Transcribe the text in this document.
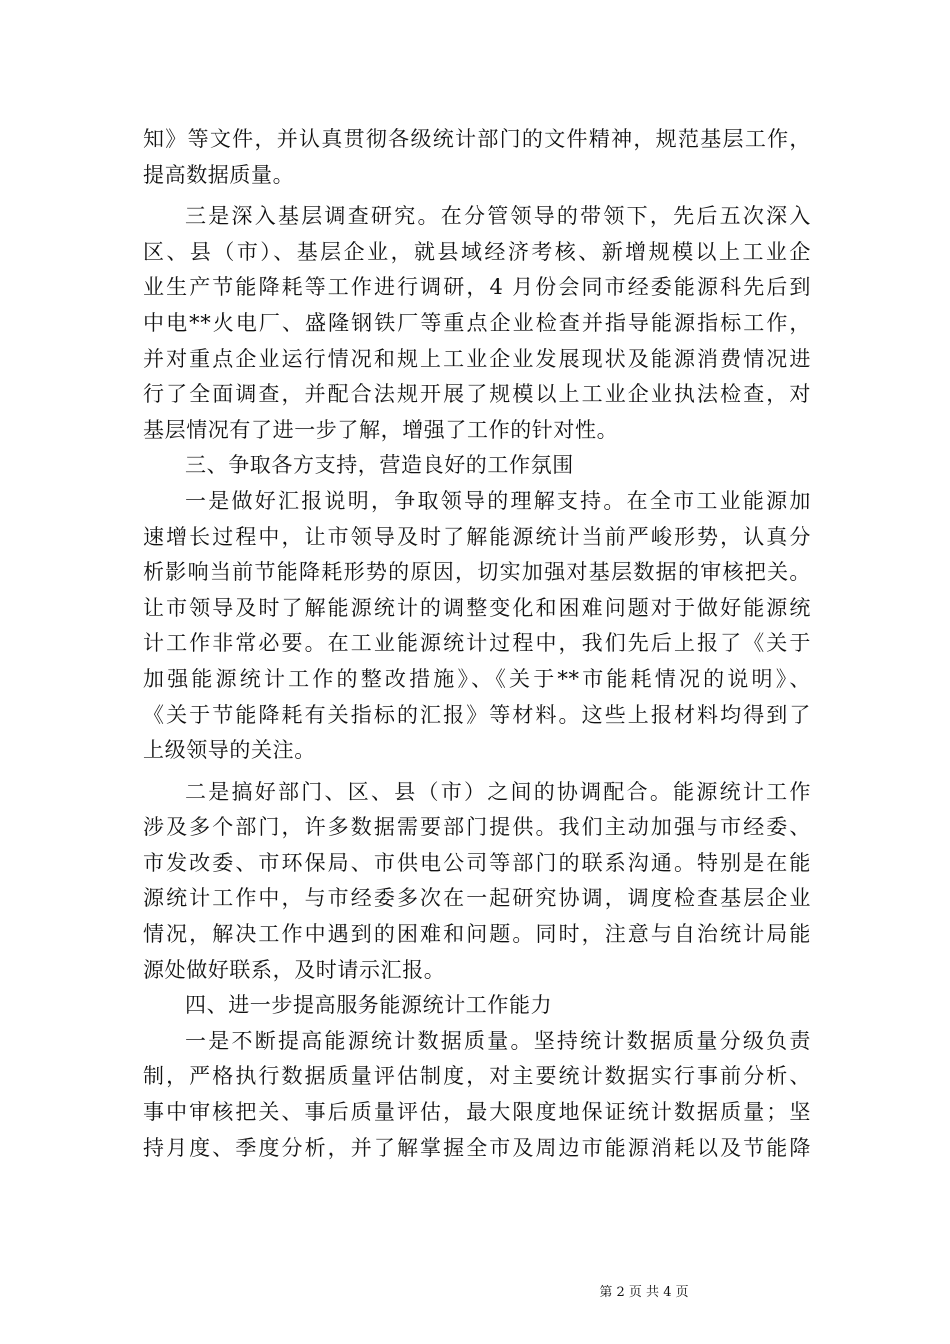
知》等文件，并认真贯彻各级统计部门的文件精神，规范基层工作，
提高数据质量。
三是深入基层调查研究。在分管领导的带领下，先后五次深入
区、县（市）、基层企业，就县域经济考核、新增规模以上工业企
业生产节能降耗等工作进行调研，4 月份会同市经委能源科先后到
中电**火电厂、盛隆钢铁厂等重点企业检查并指导能源指标工作，
并对重点企业运行情况和规上工业企业发展现状及能源消费情况进
行了全面调查，并配合法规开展了规模以上工业企业执法检查，对
基层情况有了进一步了解，增强了工作的针对性。
三、争取各方支持，营造良好的工作氛围
一是做好汇报说明，争取领导的理解支持。在全市工业能源加
速增长过程中，让市领导及时了解能源统计当前严峻形势，认真分
析影响当前节能降耗形势的原因，切实加强对基层数据的审核把关。
让市领导及时了解能源统计的调整变化和困难问题对于做好能源统
计工作非常必要。在工业能源统计过程中，我们先后上报了《关于
加强能源统计工作的整改措施》、《关于**市能耗情况的说明》、
《关于节能降耗有关指标的汇报》等材料。这些上报材料均得到了
上级领导的关注。
二是搞好部门、区、县（市）之间的协调配合。能源统计工作
涉及多个部门，许多数据需要部门提供。我们主动加强与市经委、
市发改委、市环保局、市供电公司等部门的联系沟通。特别是在能
源统计工作中，与市经委多次在一起研究协调，调度检查基层企业
情况，解决工作中遇到的困难和问题。同时，注意与自治统计局能
源处做好联系，及时请示汇报。
四、进一步提高服务能源统计工作能力
一是不断提高能源统计数据质量。坚持统计数据质量分级负责
制，严格执行数据质量评估制度，对主要统计数据实行事前分析、
事中审核把关、事后质量评估，最大限度地保证统计数据质量；坚
持月度、季度分析，并了解掌握全市及周边市能源消耗以及节能降
第 2 页 共 4 页
